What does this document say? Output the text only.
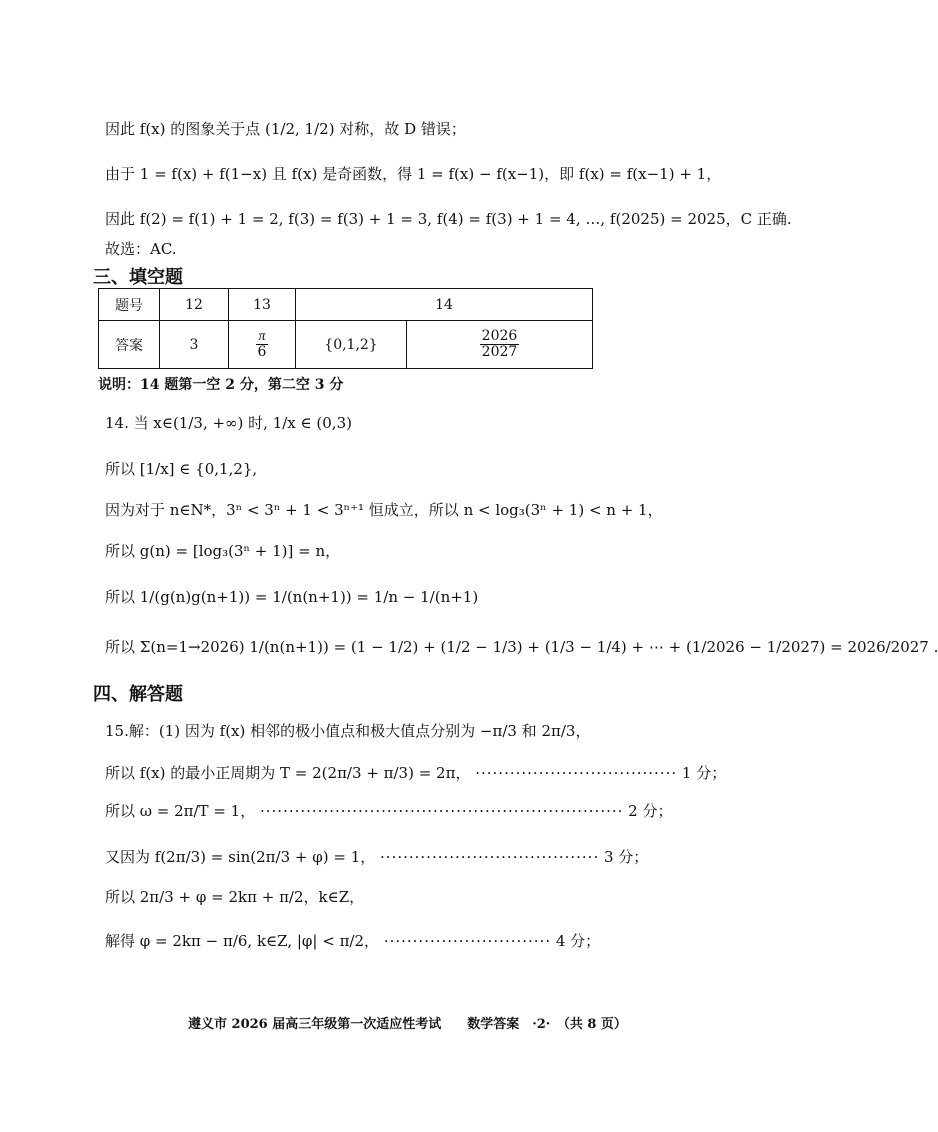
因此 f(x) 的图象关于点 (1/2, 1/2) 对称，故 D 错误；
由于 1 = f(x) + f(1−x) 且 f(x) 是奇函数，得 1 = f(x) − f(x−1)，即 f(x) = f(x−1) + 1，
因此 f(2) = f(1) + 1 = 2, f(3) = f(3) + 1 = 3, f(4) = f(3) + 1 = 4, …, f(2025) = 2025，C 正确.
故选：AC.
三、填空题
题号	12	13	14	
答案	3	$\frac{\pi}{6}$	{0,1,2}	$\frac{2026}{2027}$
说明：14 题第一空 2 分，第二空 3 分
14. 当 x∈(1/3, +∞) 时, 1/x ∈ (0,3)
所以 [1/x] ∈ {0,1,2},
因为对于 n∈N*，3ⁿ < 3ⁿ + 1 < 3ⁿ⁺¹ 恒成立，所以 n < log₃(3ⁿ + 1) < n + 1，
所以 g(n) = [log₃(3ⁿ + 1)] = n，
所以 1/(g(n)g(n+1)) = 1/(n(n+1)) = 1/n − 1/(n+1)
所以 Σ(n=1→2026) 1/(n(n+1)) = (1 − 1/2) + (1/2 − 1/3) + (1/3 − 1/4) + ⋯ + (1/2026 − 1/2027) = 2026/2027 .
四、解答题
15.解：(1) 因为 f(x) 相邻的极小值点和极大值点分别为 −π/3 和 2π/3，
所以 f(x) 的最小正周期为 T = 2(2π/3 + π/3) = 2π， ··································· 1 分；
所以 ω = 2π/T = 1， ······························································· 2 分；
又因为 f(2π/3) = sin(2π/3 + φ) = 1， ······································ 3 分；
所以 2π/3 + φ = 2kπ + π/2，k∈Z，
解得 φ = 2kπ − π/6, k∈Z, |φ| < π/2， ····························· 4 分；
遵义市 2026 届高三年级第一次适应性考试　　数学答案　·2·　（共 8 页）
